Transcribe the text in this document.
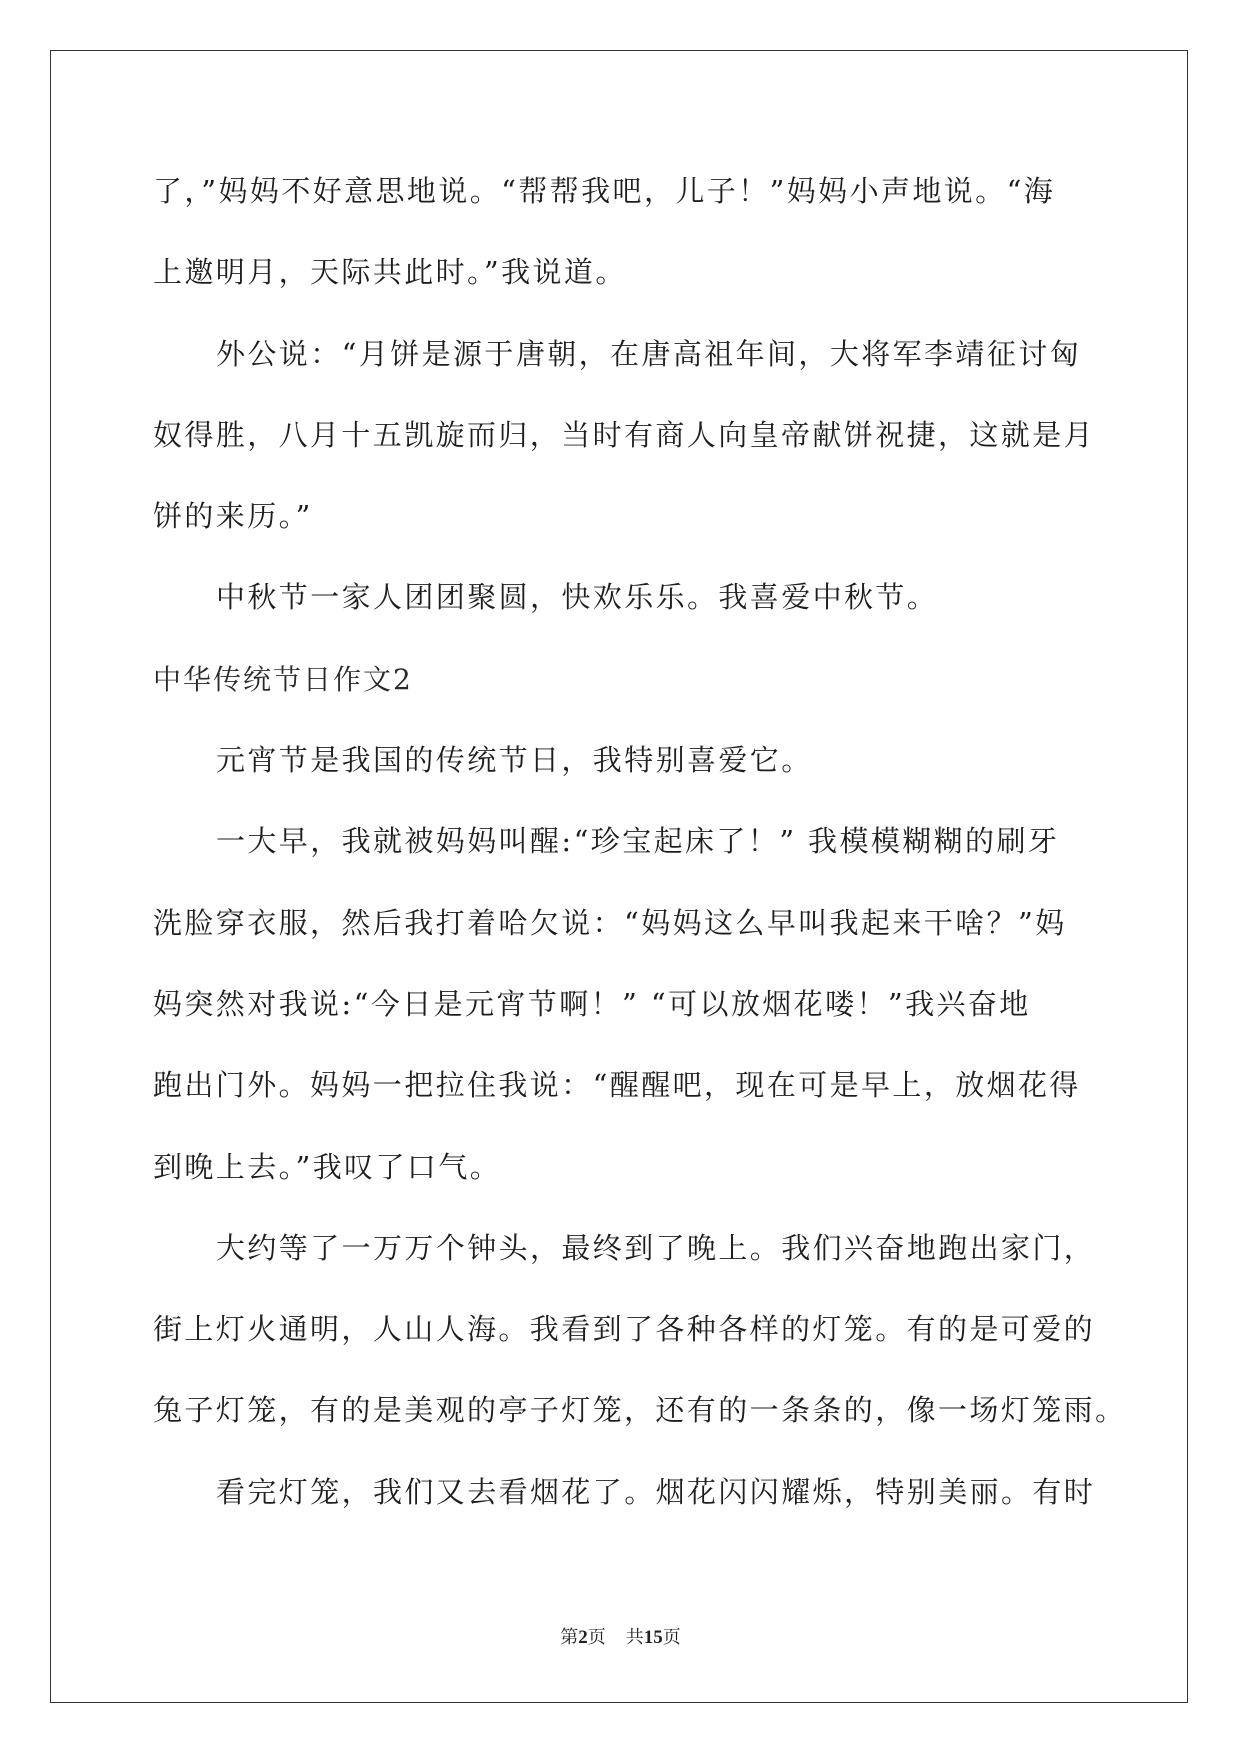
了，”妈妈不好意思地说。“帮帮我吧，儿子！”妈妈小声地说。“海
上邀明月，天际共此时。”我说道。
外公说：“月饼是源于唐朝，在唐高祖年间，大将军李靖征讨匈
奴得胜，八月十五凯旋而归，当时有商人向皇帝献饼祝捷，这就是月
饼的来历。”
中秋节一家人团团聚圆，快欢乐乐。我喜爱中秋节。
中华传统节日作文2
元宵节是我国的传统节日，我特别喜爱它。
一大早，我就被妈妈叫醒:“珍宝起床了！” 我模模糊糊的刷牙
洗脸穿衣服，然后我打着哈欠说：“妈妈这么早叫我起来干啥？”妈
妈突然对我说:“今日是元宵节啊！” “可以放烟花喽！”我兴奋地
跑出门外。妈妈一把拉住我说：“醒醒吧，现在可是早上，放烟花得
到晚上去。”我叹了口气。
大约等了一万万个钟头，最终到了晚上。我们兴奋地跑出家门，
街上灯火通明，人山人海。我看到了各种各样的灯笼。有的是可爱的
兔子灯笼，有的是美观的亭子灯笼，还有的一条条的，像一场灯笼雨。
看完灯笼，我们又去看烟花了。烟花闪闪耀烁，特别美丽。有时
第2页 共15页
